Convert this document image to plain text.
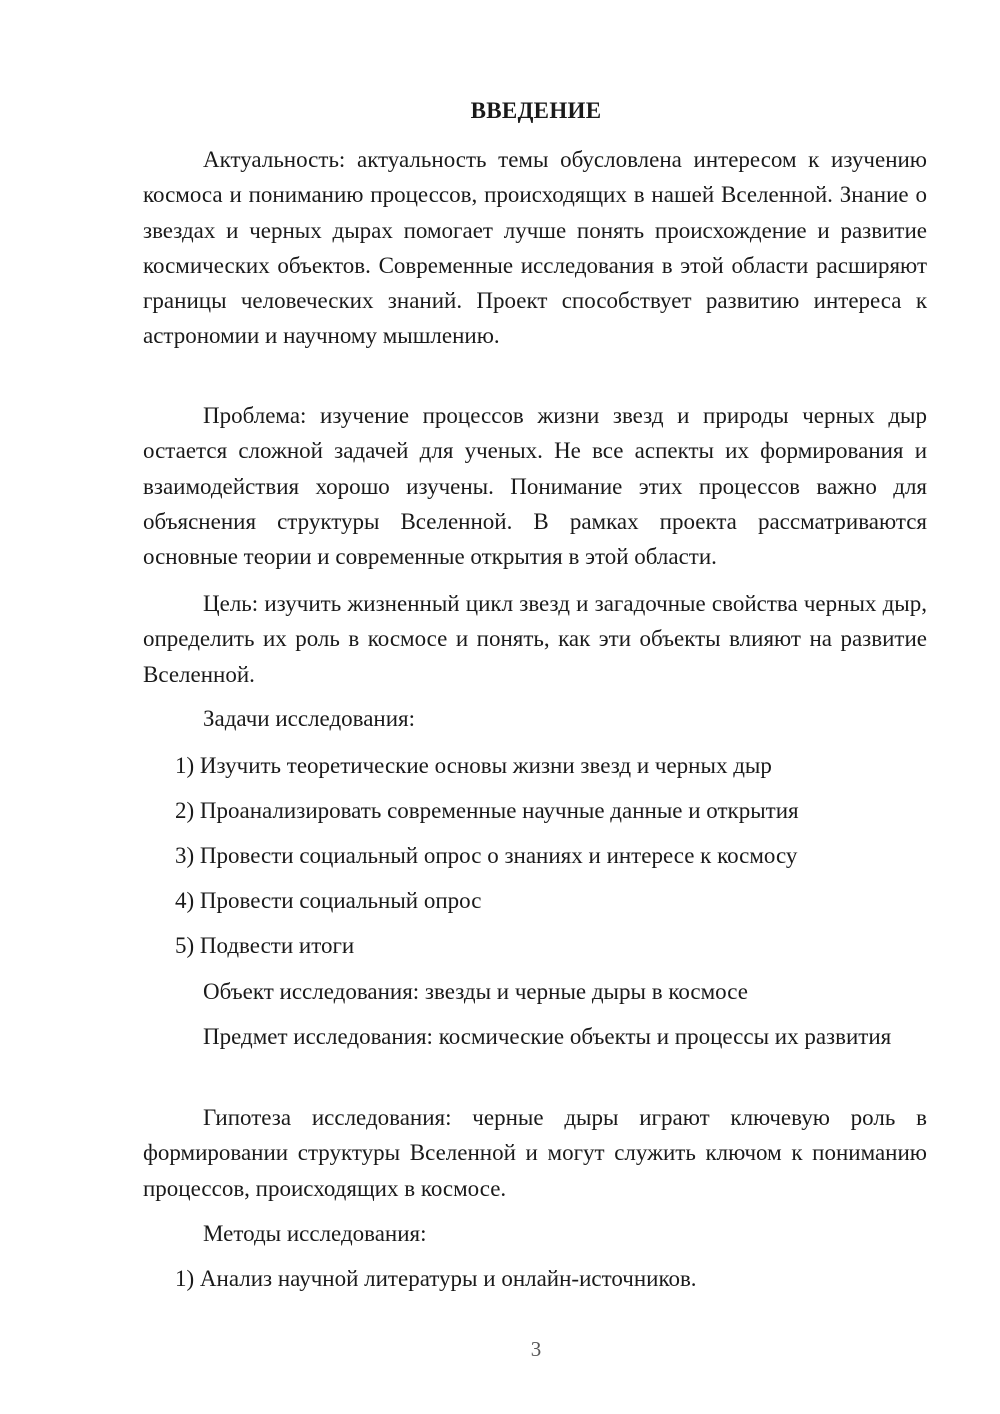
ВВЕДЕНИЕ

Актуальность: актуальность темы обусловлена интересом к изучению космоса и пониманию процессов, происходящих в нашей Вселенной. Знание о звездах и черных дырах помогает лучше понять происхождение и развитие космических объектов. Современные исследования в этой области расширяют границы человеческих знаний. Проект способствует развитию интереса к астрономии и научному мышлению.

Проблема: изучение процессов жизни звезд и природы черных дыр остается сложной задачей для ученых. Не все аспекты их формирования и взаимодействия хорошо изучены. Понимание этих процессов важно для объяснения структуры Вселенной. В рамках проекта рассматриваются основные теории и современные открытия в этой области.

Цель: изучить жизненный цикл звезд и загадочные свойства черных дыр, определить их роль в космосе и понять, как эти объекты влияют на развитие Вселенной.

Задачи исследования:

1) Изучить теоретические основы жизни звезд и черных дыр

2) Проанализировать современные научные данные и открытия

3) Провести социальный опрос о знаниях и интересе к космосу

4) Провести социальный опрос

5) Подвести итоги

Объект исследования: звезды и черные дыры в космосе

Предмет исследования: космические объекты и процессы их развития

Гипотеза исследования: черные дыры играют ключевую роль в формировании структуры Вселенной и могут служить ключом к пониманию процессов, происходящих в космосе.

Методы исследования:

1) Анализ научной литературы и онлайн-источников.

3
